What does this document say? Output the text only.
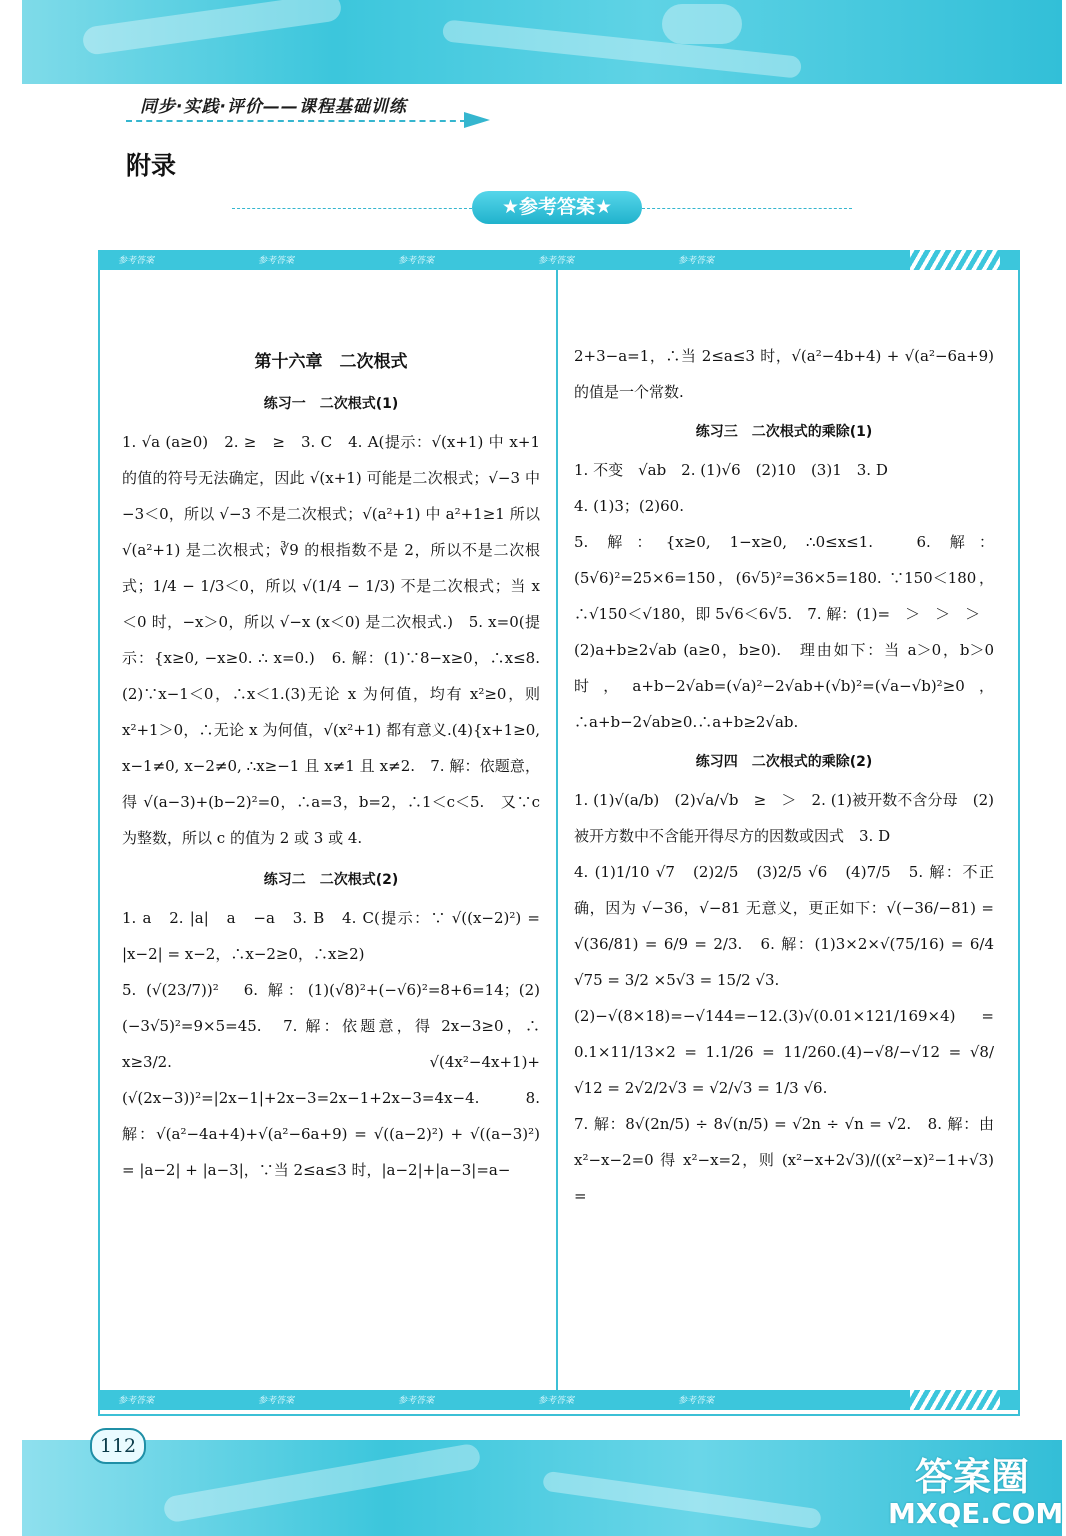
同步·实践·评价——课程基础训练
附录
★参考答案★
参考答案	参考答案	参考答案	参考答案	参考答案
参考答案	参考答案	参考答案	参考答案	参考答案
第十六章　二次根式
练习一　二次根式(1)

1. √a (a≥0)　2. ≥　≥　3. C　4. A(提示：√(x+1) 中 x+1 的值的符号无法确定，因此 √(x+1) 可能是二次根式；√−3 中 −3＜0，所以 √−3 不是二次根式；√(a²+1) 中 a²+1≥1 所以 √(a²+1) 是二次根式；∛9 的根指数不是 2，所以不是二次根式；1/4 − 1/3＜0，所以 √(1/4 − 1/3) 不是二次根式；当 x＜0 时，−x＞0，所以 √−x (x＜0) 是二次根式.)　5. x=0(提示：{x≥0, −x≥0. ∴ x=0.)　6. 解：(1)∵8−x≥0，∴x≤8.(2)∵x−1＜0，∴x＜1.(3)无论 x 为何值，均有 x²≥0，则 x²+1＞0，∴无论 x 为何值，√(x²+1) 都有意义.(4){x+1≥0, x−1≠0, x−2≠0, ∴x≥−1 且 x≠1 且 x≠2.　7. 解：依题意，得 √(a−3)+(b−2)²=0，∴a=3，b=2，∴1＜c＜5.　又∵c 为整数，所以 c 的值为 2 或 3 或 4.

练习二　二次根式(2)

1. a　2. |a|　a　−a　3. B　4. C(提示：∵ √((x−2)²) = |x−2| = x−2，∴x−2≥0，∴x≥2)

5. (√(23/7))²　6. 解：(1)(√8)²+(−√6)²=8+6=14；(2)(−3√5)²=9×5=45.　7. 解：依题意，得 2x−3≥0，∴ x≥3/2. √(4x²−4x+1)+(√(2x−3))²=|2x−1|+2x−3=2x−1+2x−3=4x−4.　8. 解：√(a²−4a+4)+√(a²−6a+9) = √((a−2)²) + √((a−3)²) = |a−2| + |a−3|，∵当 2≤a≤3 时，|a−2|+|a−3|=a−

2+3−a=1，∴当 2≤a≤3 时，√(a²−4b+4) + √(a²−6a+9) 的值是一个常数.

练习三　二次根式的乘除(1)

1. 不变　√ab　2. (1)√6　(2)10　(3)1　3. D

4. (1)3；(2)60.

5. 解：{x≥0, 1−x≥0, ∴0≤x≤1.　6. 解：(5√6)²=25×6=150，(6√5)²=36×5=180. ∵150＜180，∴√150＜√180，即 5√6＜6√5.　7. 解：(1)=　＞　＞　＞

(2)a+b≥2√ab (a≥0，b≥0).　理由如下：当 a＞0，b＞0 时，a+b−2√ab=(√a)²−2√ab+(√b)²=(√a−√b)²≥0，∴a+b−2√ab≥0.∴a+b≥2√ab.

练习四　二次根式的乘除(2)

1. (1)√(a/b)　(2)√a/√b　≥　＞　2. (1)被开数不含分母　(2)被开方数中不含能开得尽方的因数或因式　3. D

4. (1)1/10 √7　(2)2/5　(3)2/5 √6　(4)7/5　5. 解：不正确，因为 √−36，√−81 无意义，更正如下：√(−36/−81) = √(36/81) = 6/9 = 2/3.　6. 解：(1)3×2×√(75/16) = 6/4 √75 = 3/2 ×5√3 = 15/2 √3.

(2)−√(8×18)=−√144=−12.(3)√(0.01×121/169×4) = 0.1×11/13×2 = 1.1/26 = 11/260.(4)−√8/−√12 = √8/√12 = 2√2/2√3 = √2/√3 = 1/3 √6.

7. 解：8√(2n/5) ÷ 8√(n/5) = √2n ÷ √n = √2.　8. 解：由 x²−x−2=0 得 x²−x=2，则 (x²−x+2√3)/((x²−x)²−1+√3) =

112
答案圈
MXQE.COM
